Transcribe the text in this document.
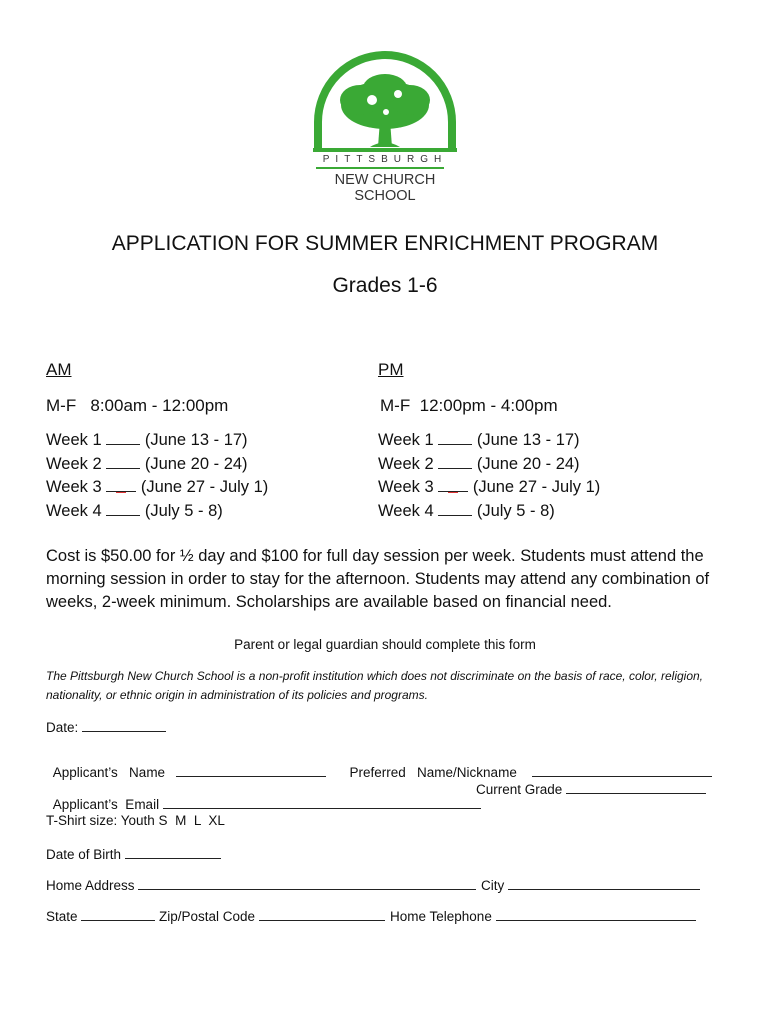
PITTSBURGH
NEW CHURCH
SCHOOL
APPLICATION FOR SUMMER ENRICHMENT PROGRAM
Grades 1-6
AM
M-F   8:00am - 12:00pm
Week 1	(June 13 - 17)
Week 2	(June 20 - 24)
Week 3 (June 27 - July 1)
Week 4	(July 5 - 8)
PM
M-F  12:00pm - 4:00pm
Week 1	(June 13 - 17)
Week 2	(June 20 - 24)
Week 3 (June 27 - July 1)
Week 4	(July 5 - 8)
Cost is $50.00 for ½ day and $100 for full day session per week. Students must attend the morning session in order to stay for the afternoon. Students may attend any combination of weeks, 2-week minimum. Scholarships are available based on financial need.
Parent or legal guardian should complete this form
The Pittsburgh New Church School is a non-profit institution which does not discriminate on the basis of race, color, religion, nationality, or ethnic origin in administration of its policies and programs.
Date:

Applicant’s   Name	Preferred   Name/Nickname

Applicant’s  Email

Current Grade
T-Shirt size: Youth S  M  L  XL
Date of Birth
Home Address	City
State	Zip/Postal Code	Home Telephone
